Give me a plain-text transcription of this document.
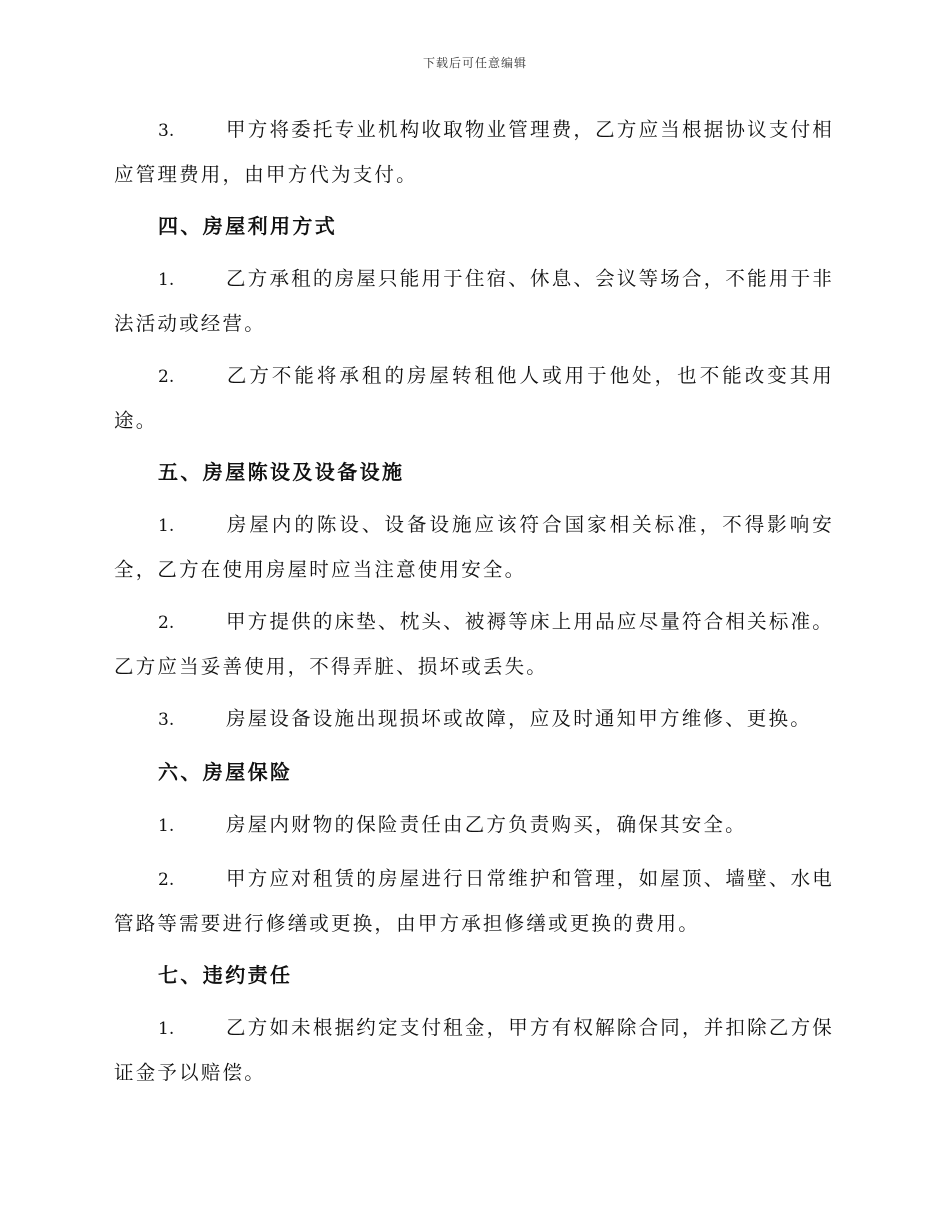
下载后可任意编辑

3.	甲方将委托专业机构收取物业管理费，乙方应当根据协议支付相应管理费用，由甲方代为支付。

四、房屋利用方式

1.	乙方承租的房屋只能用于住宿、休息、会议等场合，不能用于非法活动或经营。

2.	乙方不能将承租的房屋转租他人或用于他处，也不能改变其用途。

五、房屋陈设及设备设施

1.	房屋内的陈设、设备设施应该符合国家相关标准，不得影响安全，乙方在使用房屋时应当注意使用安全。

2.	甲方提供的床垫、枕头、被褥等床上用品应尽量符合相关标准。乙方应当妥善使用，不得弄脏、损坏或丢失。

3.	房屋设备设施出现损坏或故障，应及时通知甲方维修、更换。

六、房屋保险

1.	房屋内财物的保险责任由乙方负责购买，确保其安全。

2.	甲方应对租赁的房屋进行日常维护和管理，如屋顶、墙壁、水电管路等需要进行修缮或更换，由甲方承担修缮或更换的费用。

七、违约责任

1.	乙方如未根据约定支付租金，甲方有权解除合同，并扣除乙方保证金予以赔偿。
